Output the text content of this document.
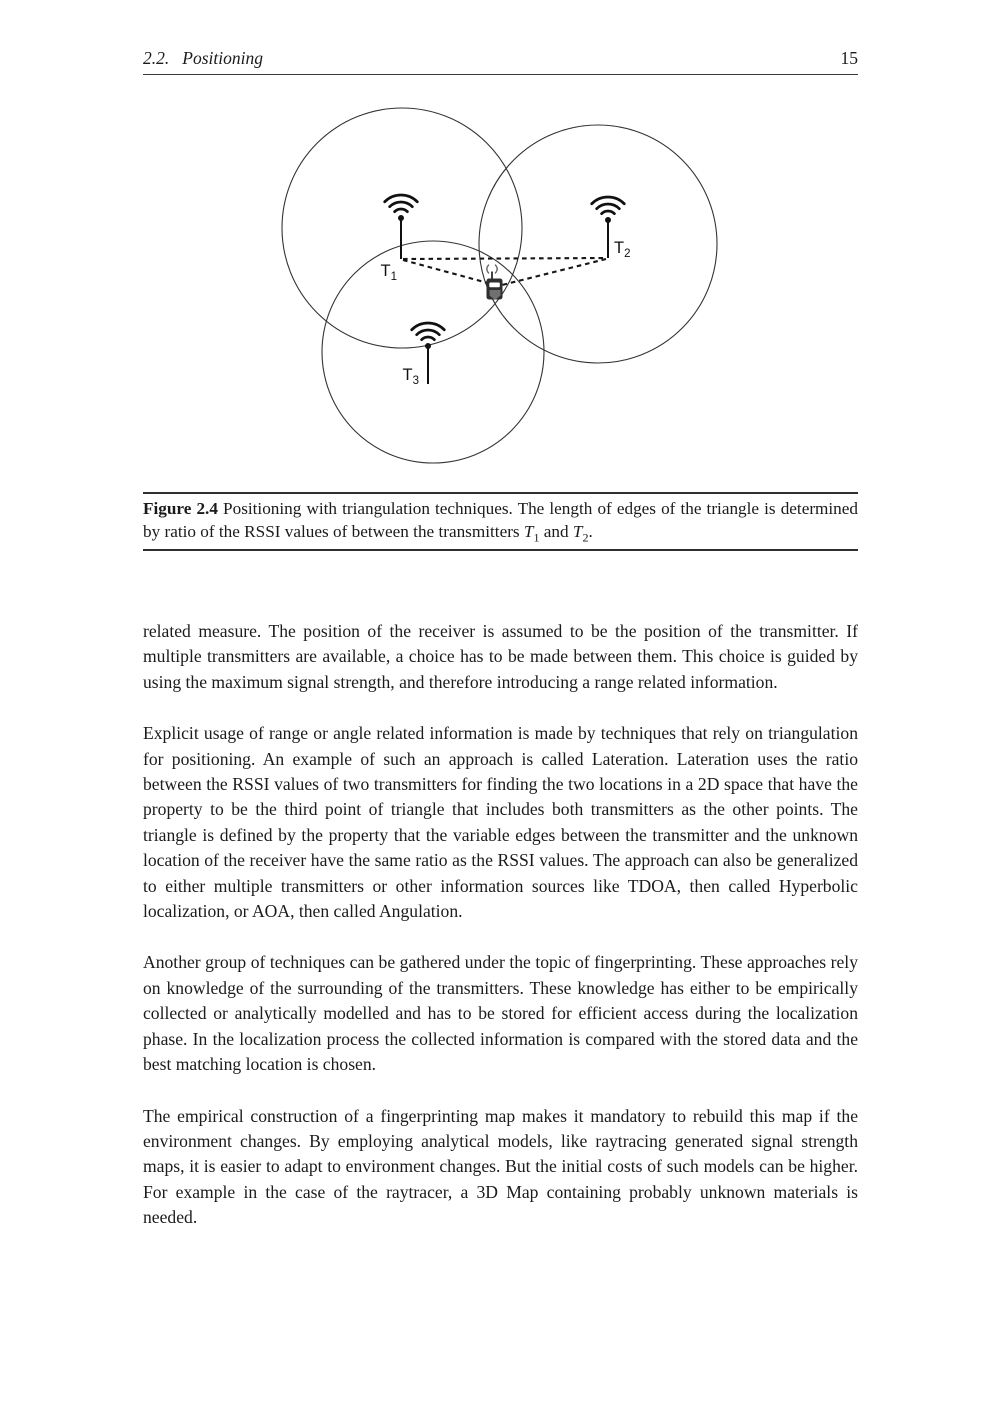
2.2. Positioning	15
$T_1$
$T_2$
$T_3$

Figure 2.4 Positioning with triangulation techniques. The length of edges of the triangle is determined by ratio of the RSSI values of between the transmitters $T_1$ and $T_2$.

related measure. The position of the receiver is assumed to be the position of the transmitter. If multiple transmitters are available, a choice has to be made between them. This choice is guided by using the maximum signal strength, and therefore introducing a range related information.

Explicit usage of range or angle related information is made by techniques that rely on triangulation for positioning. An example of such an approach is called Lateration. Lateration uses the ratio between the RSSI values of two transmitters for finding the two locations in a 2D space that have the property to be the third point of triangle that includes both transmitters as the other points. The triangle is defined by the property that the variable edges between the transmitter and the unknown location of the receiver have the same ratio as the RSSI values. The approach can also be generalized to either multiple transmitters or other information sources like TDOA, then called Hyperbolic localization, or AOA, then called Angulation.

Another group of techniques can be gathered under the topic of fingerprinting. These approaches rely on knowledge of the surrounding of the transmitters. These knowledge has either to be empirically collected or analytically modelled and has to be stored for efficient access during the localization phase. In the localization process the collected information is compared with the stored data and the best matching location is chosen.

The empirical construction of a fingerprinting map makes it mandatory to rebuild this map if the environment changes. By employing analytical models, like raytracing generated signal strength maps, it is easier to adapt to environment changes. But the initial costs of such models can be higher. For example in the case of the raytracer, a 3D Map containing probably unknown materials is needed.
